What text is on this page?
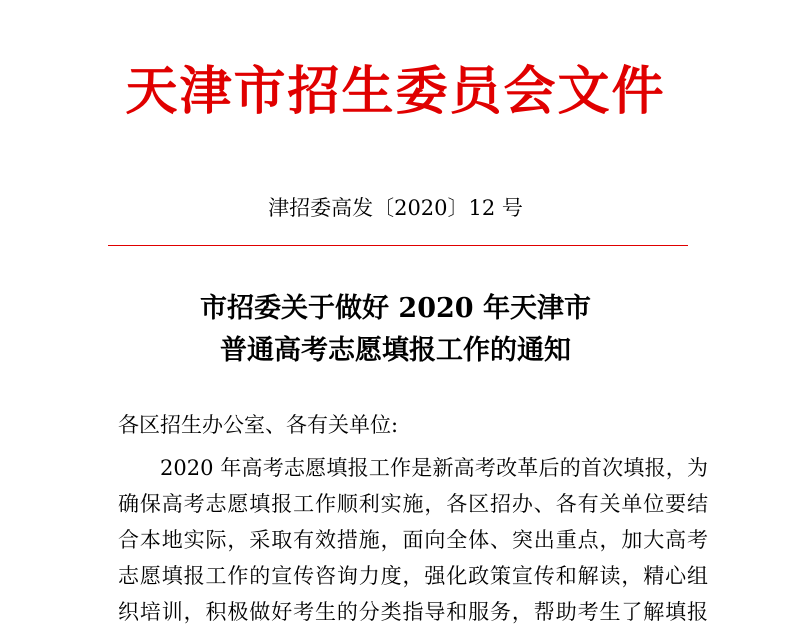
天津市招生委员会文件
津招委高发〔2020〕12 号
市招委关于做好 2020 年天津市
普通高考志愿填报工作的通知
各区招生办公室、各有关单位:
2020 年高考志愿填报工作是新高考改革后的首次填报，为
确保高考志愿填报工作顺利实施，各区招办、各有关单位要结
合本地实际，采取有效措施，面向全体、突出重点，加大高考
志愿填报工作的宣传咨询力度，强化政策宣传和解读，精心组
织培训，积极做好考生的分类指导和服务，帮助考生了解填报
